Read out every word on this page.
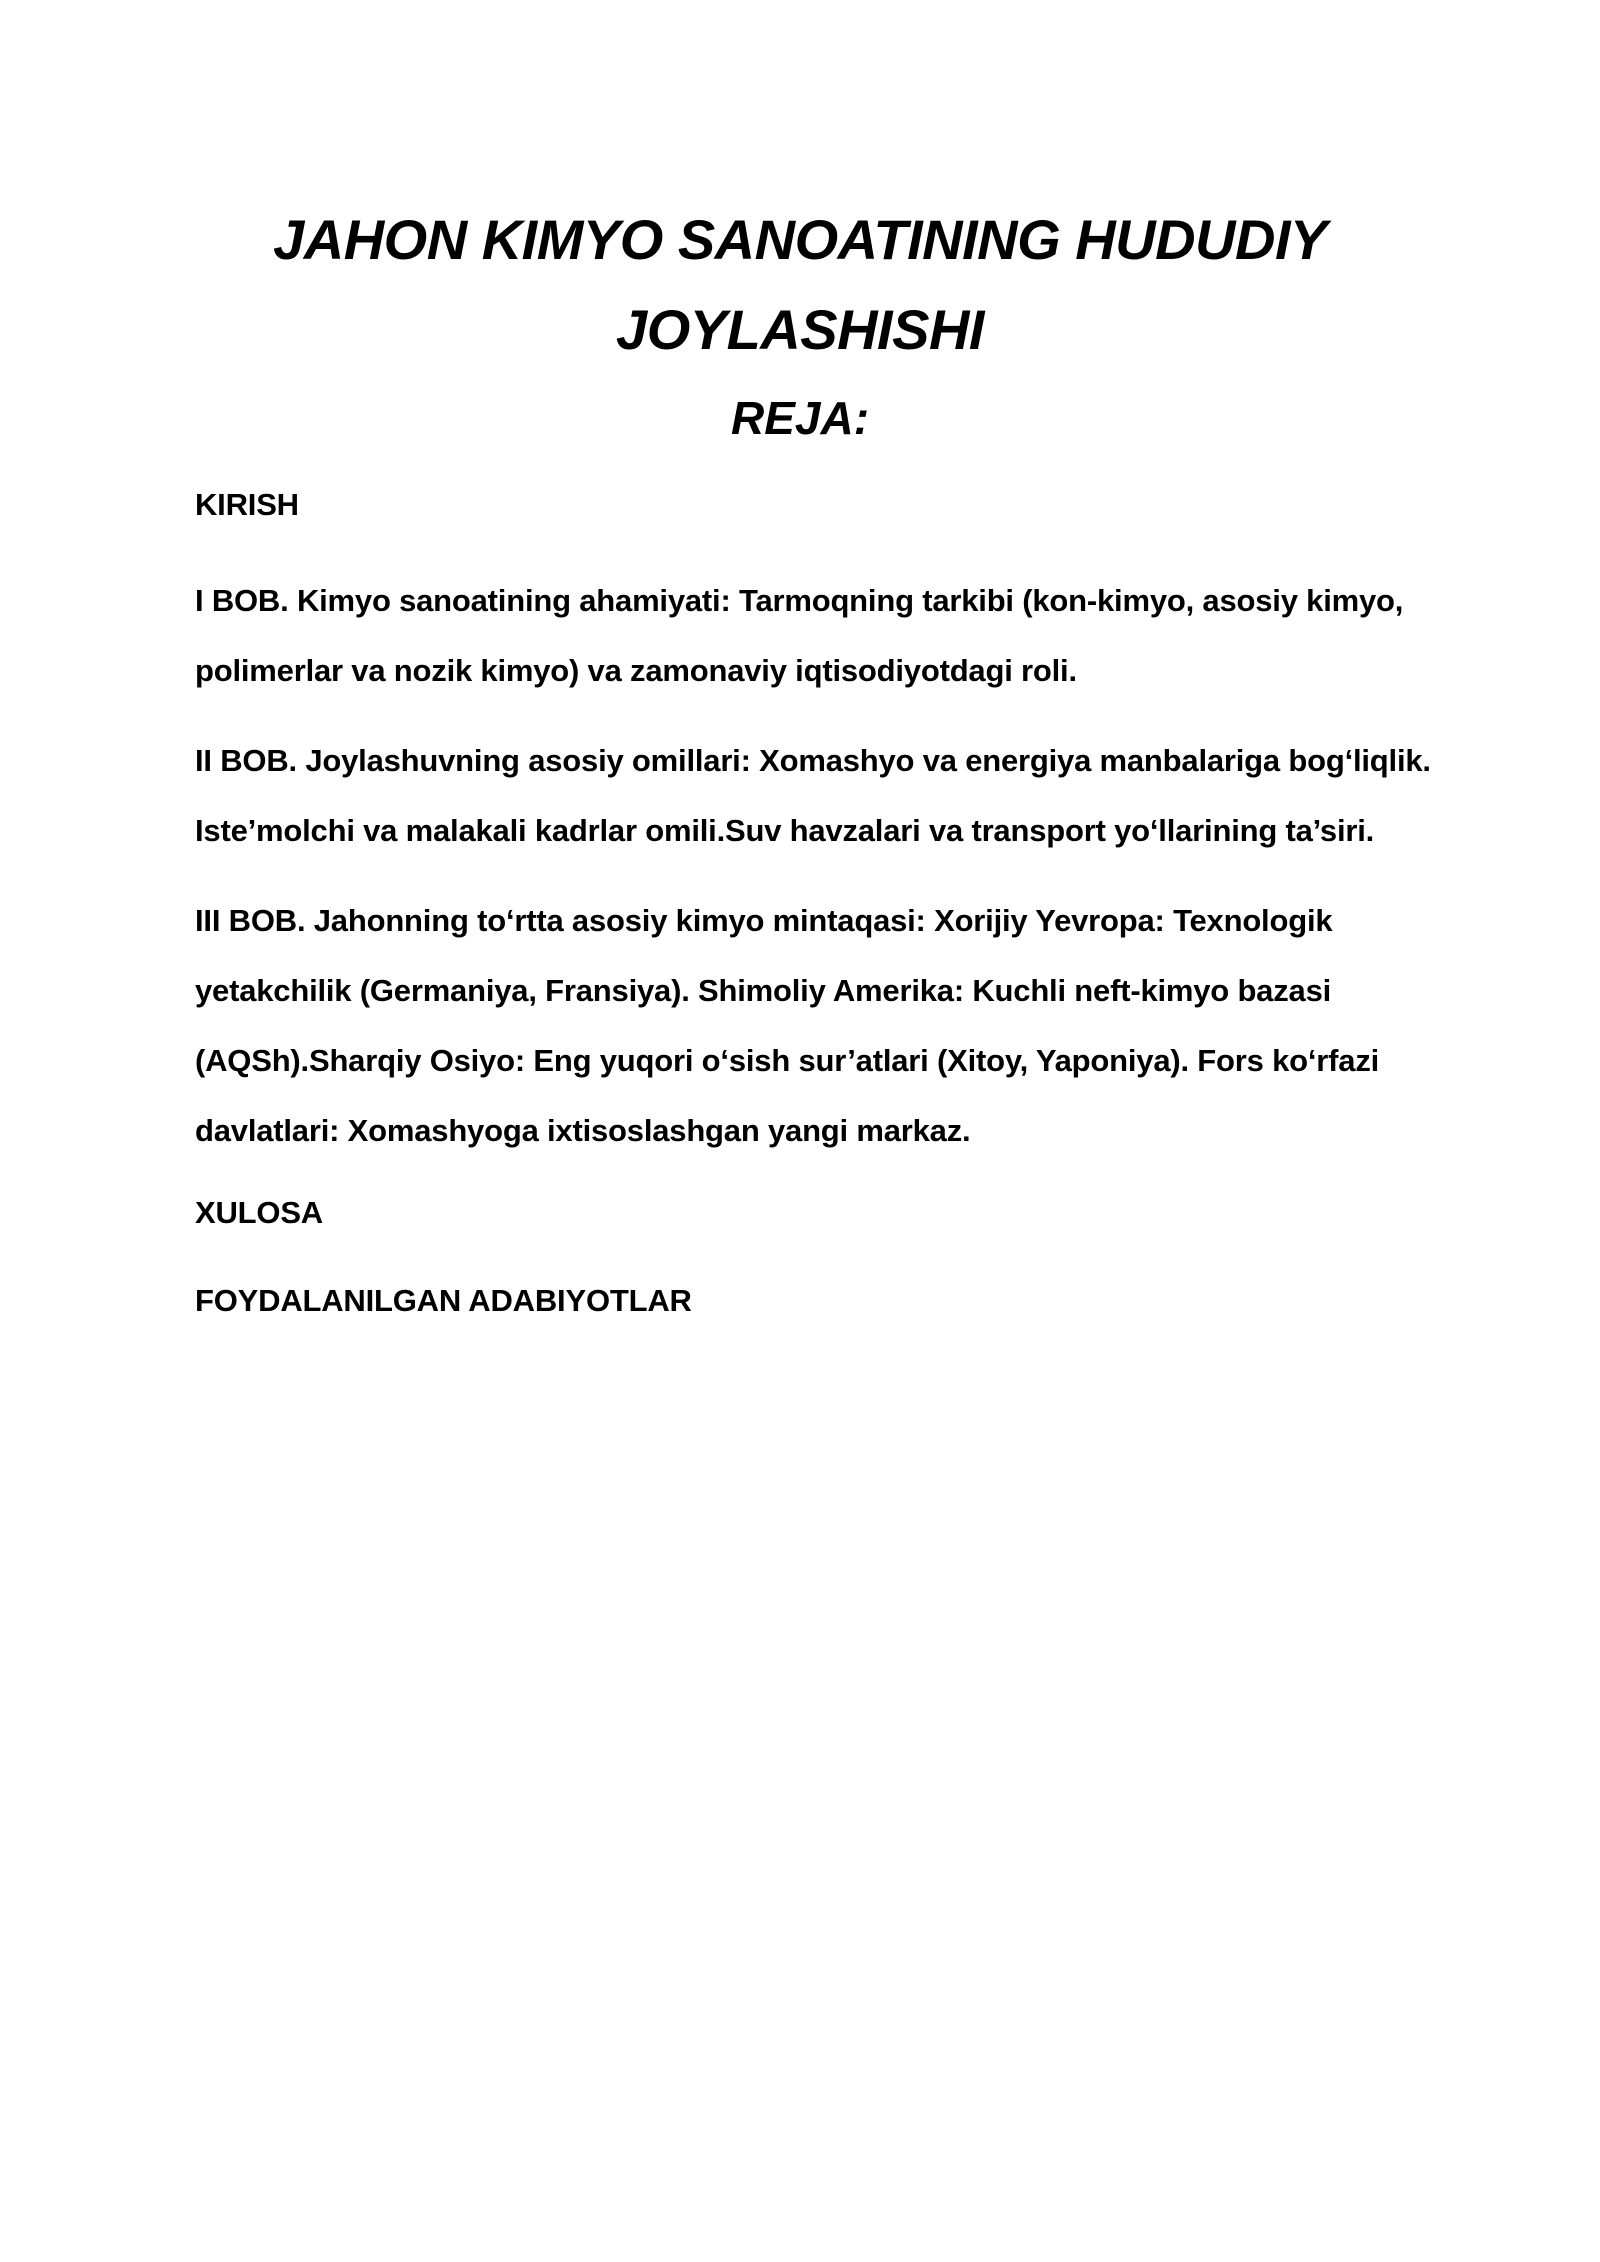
JAHON KIMYO SANOATINING HUDUDIY JOYLASHISHI
REJA:

KIRISH

I BOB. Kimyo sanoatining ahamiyati: Tarmoqning tarkibi (kon-kimyo, asosiy kimyo, polimerlar va nozik kimyo) va zamonaviy iqtisodiyotdagi roli.

II BOB. Joylashuvning asosiy omillari: Xomashyo va energiya manbalariga bog‘liqlik. Iste’molchi va malakali kadrlar omili.Suv havzalari va transport yo‘llarining ta’siri.

III BOB. Jahonning to‘rtta asosiy kimyo mintaqasi: Xorijiy Yevropa: Texnologik yetakchilik (Germaniya, Fransiya). Shimoliy Amerika: Kuchli neft-kimyo bazasi (AQSh).Sharqiy Osiyo: Eng yuqori o‘sish sur’atlari (Xitoy, Yaponiya). Fors ko‘rfazi davlatlari: Xomashyoga ixtisoslashgan yangi markaz.

XULOSA

FOYDALANILGAN ADABIYOTLAR
